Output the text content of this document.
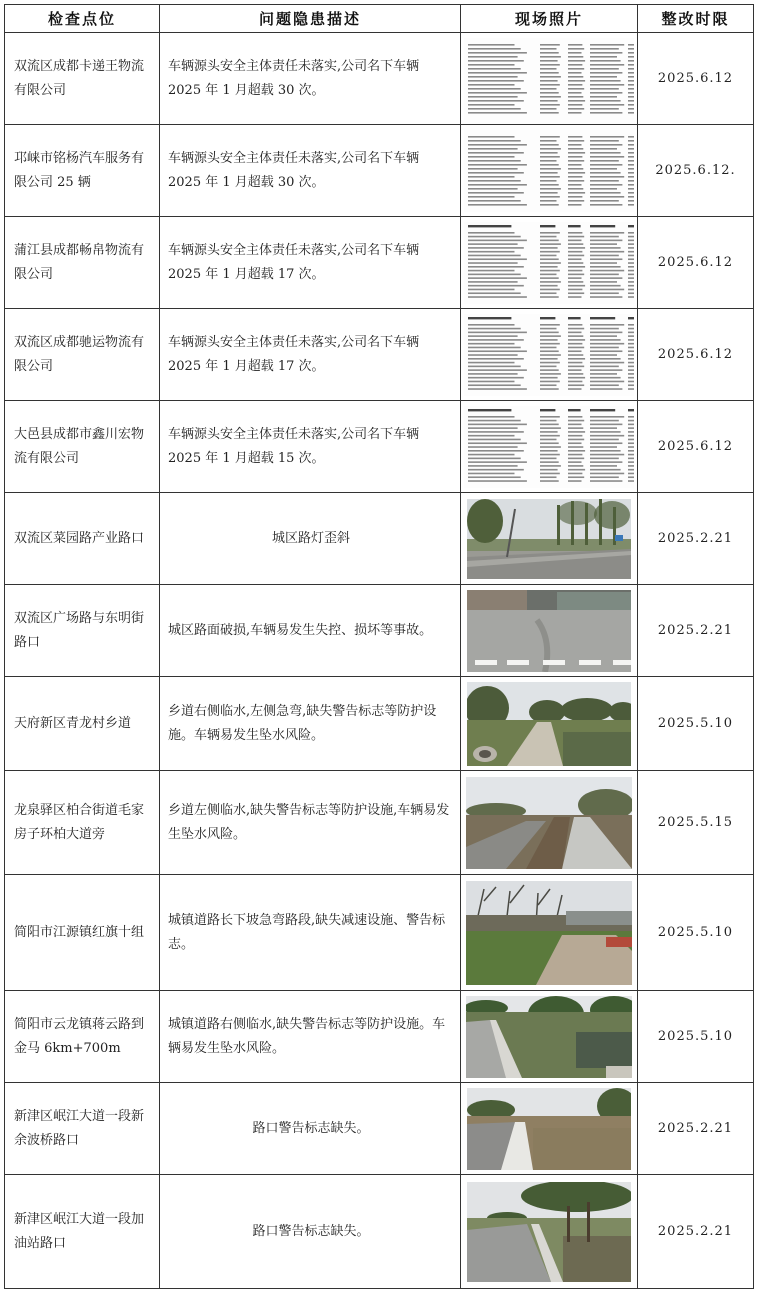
检查点位	问题隐患描述	现场照片	整改时限
双流区成都卡递王物流有限公司	车辆源头安全主体责任未落实,公司名下车辆 2025 年 1 月超载 30 次。		2025.6.12
邛崃市铭杨汽车服务有限公司 25 辆	车辆源头安全主体责任未落实,公司名下车辆 2025 年 1 月超载 30 次。		2025.6.12.
蒲江县成都畅帛物流有限公司	车辆源头安全主体责任未落实,公司名下车辆 2025 年 1 月超载 17 次。		2025.6.12
双流区成都驰运物流有限公司	车辆源头安全主体责任未落实,公司名下车辆 2025 年 1 月超载 17 次。		2025.6.12
大邑县成都市鑫川宏物流有限公司	车辆源头安全主体责任未落实,公司名下车辆 2025 年 1 月超载 15 次。		2025.6.12
双流区菜园路产业路口	城区路灯歪斜		2025.2.21
双流区广场路与东明街路口	城区路面破损,车辆易发生失控、损坏等事故。		2025.2.21
天府新区青龙村乡道	乡道右侧临水,左侧急弯,缺失警告标志等防护设施。车辆易发生坠水风险。		2025.5.10
龙泉驿区柏合街道毛家房子环柏大道旁	乡道左侧临水,缺失警告标志等防护设施,车辆易发生坠水风险。		2025.5.15
简阳市江源镇红旗十组	城镇道路长下坡急弯路段,缺失减速设施、警告标志。		2025.5.10
简阳市云龙镇蒋云路到金马 6km+700m	城镇道路右侧临水,缺失警告标志等防护设施。车辆易发生坠水风险。		2025.5.10
新津区岷江大道一段新余波桥路口	路口警告标志缺失。		2025.2.21
新津区岷江大道一段加油站路口	路口警告标志缺失。		2025.2.21
